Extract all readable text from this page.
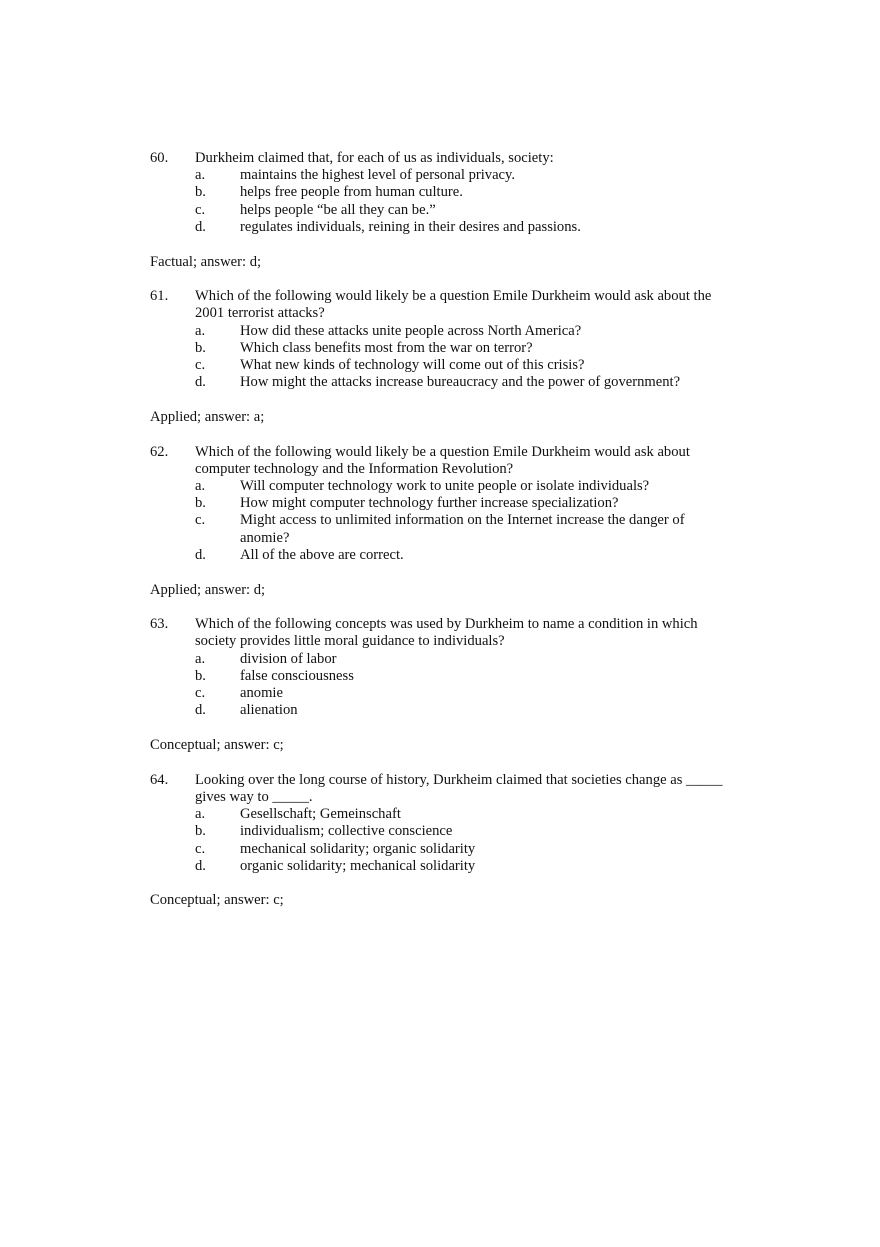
60.	Durkheim claimed that, for each of us as individuals, society:
a.	maintains the highest level of personal privacy.
b.	helps free people from human culture.
c.	helps people “be all they can be.”
d.	regulates individuals, reining in their desires and passions.
Factual; answer: d;
61.	Which of the following would likely be a question Emile Durkheim would ask about the 2001 terrorist attacks?
a.	How did these attacks unite people across North America?
b.	Which class benefits most from the war on terror?
c.	What new kinds of technology will come out of this crisis?
d.	How might the attacks increase bureaucracy and the power of government?
Applied; answer: a;
62.	Which of the following would likely be a question Emile Durkheim would ask about computer technology and the Information Revolution?
a.	Will computer technology work to unite people or isolate individuals?
b.	How might computer technology further increase specialization?
c.	Might access to unlimited information on the Internet increase the danger of anomie?
d.	All of the above are correct.
Applied; answer: d;
63.	Which of the following concepts was used by Durkheim to name a condition in which society provides little moral guidance to individuals?
a.	division of labor
b.	false consciousness
c.	anomie
d.	alienation
Conceptual; answer: c;
64.	Looking over the long course of history, Durkheim claimed that societies change as _____ gives way to _____.
a.	Gesellschaft; Gemeinschaft
b.	individualism; collective conscience
c.	mechanical solidarity; organic solidarity
d.	organic solidarity; mechanical solidarity
Conceptual; answer: c;
